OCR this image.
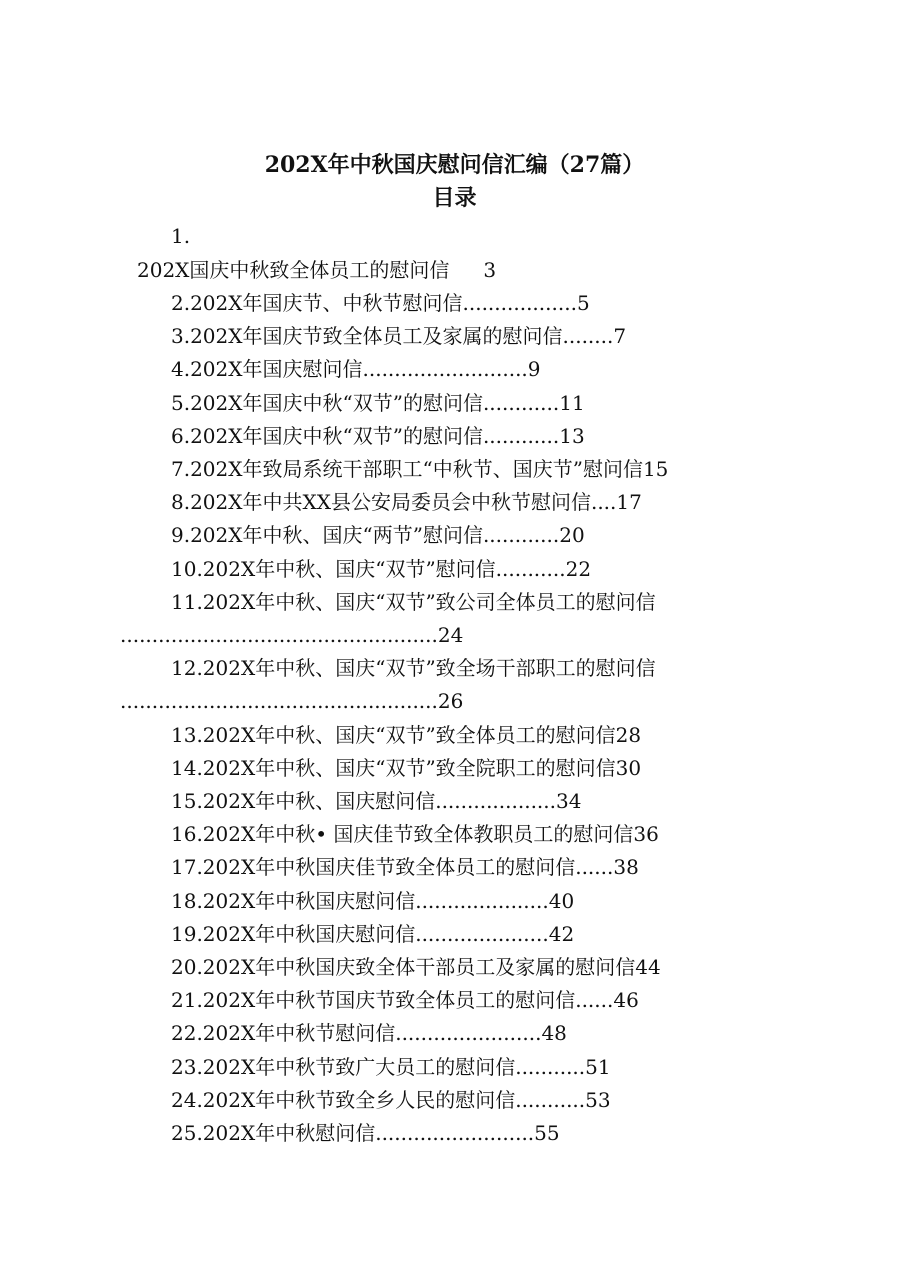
202X年中秋国庆慰问信汇编（27篇）
目录
1.
202X国庆中秋致全体员工的慰问信 3
2.202X年国庆节、中秋节慰问信..................5
3.202X年国庆节致全体员工及家属的慰问信........7
4.202X年国庆慰问信..........................9
5.202X年国庆中秋“双节”的慰问信............11
6.202X年国庆中秋“双节”的慰问信............13
7.202X年致局系统干部职工“中秋节、国庆节”慰问信15
8.202X年中共XX县公安局委员会中秋节慰问信....17
9.202X年中秋、国庆“两节”慰问信............20
10.202X年中秋、国庆“双节”慰问信...........22
11.202X年中秋、国庆“双节”致公司全体员工的慰问信
..................................................24
12.202X年中秋、国庆“双节”致全场干部职工的慰问信
..................................................26
13.202X年中秋、国庆“双节”致全体员工的慰问信28
14.202X年中秋、国庆“双节”致全院职工的慰问信30
15.202X年中秋、国庆慰问信...................34
16.202X年中秋• 国庆佳节致全体教职员工的慰问信36
17.202X年中秋国庆佳节致全体员工的慰问信......38
18.202X年中秋国庆慰问信.....................40
19.202X年中秋国庆慰问信.....................42
20.202X年中秋国庆致全体干部员工及家属的慰问信44
21.202X年中秋节国庆节致全体员工的慰问信......46
22.202X年中秋节慰问信.......................48
23.202X年中秋节致广大员工的慰问信...........51
24.202X年中秋节致全乡人民的慰问信...........53
25.202X年中秋慰问信.........................55
